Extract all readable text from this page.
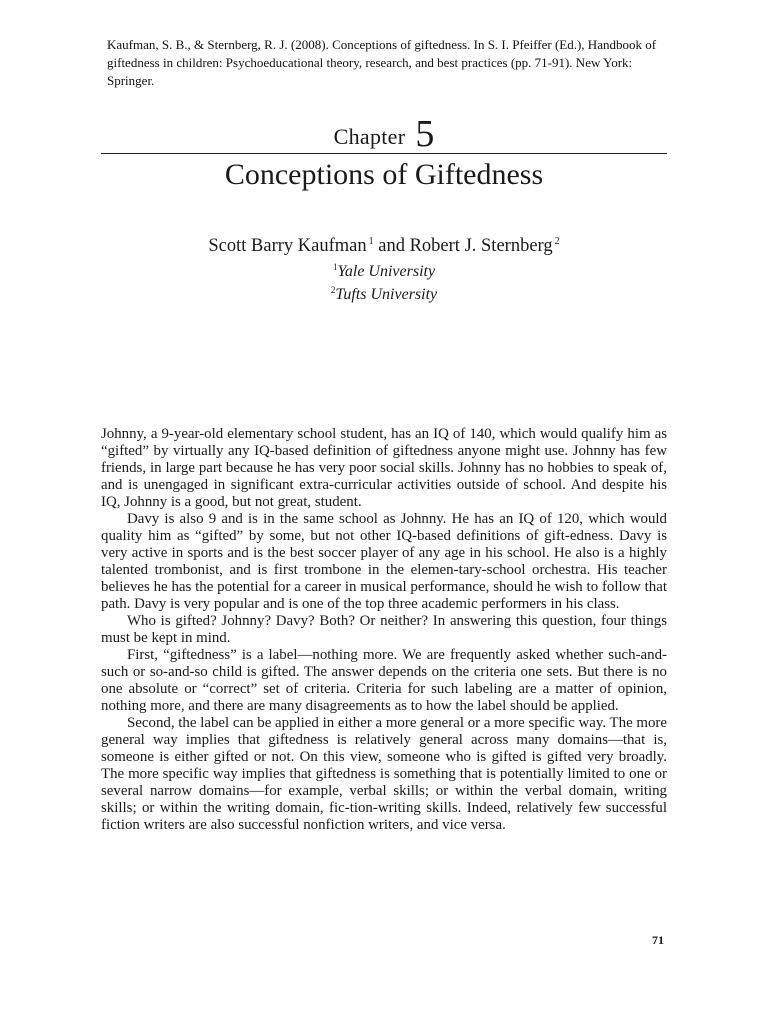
Kaufman, S. B., & Sternberg, R. J. (2008). Conceptions of giftedness. In S. I. Pfeiffer (Ed.), Handbook of giftedness in children: Psychoeducational theory, research, and best practices (pp. 71-91). New York: Springer.
Chapter 5
Conceptions of Giftedness
Scott Barry Kaufman $^1$ and Robert J. Sternberg $^2$
$^1$Yale University
$^2$Tufts University

Johnny, a 9-year-old elementary school student, has an IQ of 140, which would qualify him as “gifted” by virtually any IQ-based definition of giftedness anyone might use. Johnny has few friends, in large part because he has very poor social skills. Johnny has no hobbies to speak of, and is unengaged in significant extra-curricular activities outside of school. And despite his IQ, Johnny is a good, but not great, student.

Davy is also 9 and is in the same school as Johnny. He has an IQ of 120, which would quality him as “gifted” by some, but not other IQ-based definitions of gift-edness. Davy is very active in sports and is the best soccer player of any age in his school. He also is a highly talented trombonist, and is first trombone in the elemen-tary-school orchestra. His teacher believes he has the potential for a career in musical performance, should he wish to follow that path. Davy is very popular and is one of the top three academic performers in his class.

Who is gifted? Johnny? Davy? Both? Or neither? In answering this question, four things must be kept in mind.

First, “giftedness” is a label—nothing more. We are frequently asked whether such-and-such or so-and-so child is gifted. The answer depends on the criteria one sets. But there is no one absolute or “correct” set of criteria. Criteria for such labeling are a matter of opinion, nothing more, and there are many disagreements as to how the label should be applied.

Second, the label can be applied in either a more general or a more specific way. The more general way implies that giftedness is relatively general across many domains—that is, someone is either gifted or not. On this view, someone who is gifted is gifted very broadly. The more specific way implies that giftedness is something that is potentially limited to one or several narrow domains—for example, verbal skills; or within the verbal domain, writing skills; or within the writing domain, fic-tion-writing skills. Indeed, relatively few successful fiction writers are also successful nonfiction writers, and vice versa.

71
